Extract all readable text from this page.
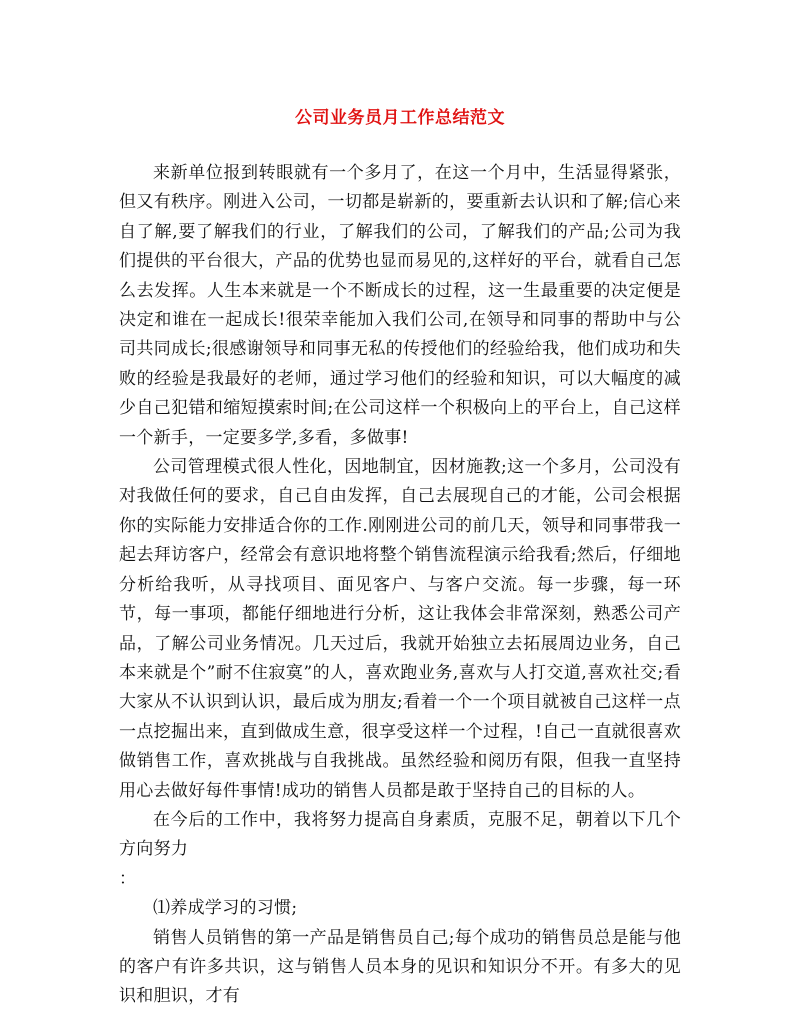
公司业务员月工作总结范文

来新单位报到转眼就有一个多月了，在这一个月中，生活显得紧张，但又有秩序。刚进入公司，一切都是崭新的，要重新去认识和了解;信心来自了解,要了解我们的行业，了解我们的公司，了解我们的产品;公司为我们提供的平台很大，产品的优势也显而易见的,这样好的平台，就看自己怎么去发挥。人生本来就是一个不断成长的过程，这一生最重要的决定便是决定和谁在一起成长!很荣幸能加入我们公司,在领导和同事的帮助中与公司共同成长;很感谢领导和同事无私的传授他们的经验给我，他们成功和失败的经验是我最好的老师，通过学习他们的经验和知识，可以大幅度的减少自己犯错和缩短摸索时间;在公司这样一个积极向上的平台上，自己这样一个新手，一定要多学,多看，多做事!

公司管理模式很人性化，因地制宜，因材施教;这一个多月，公司没有对我做任何的要求，自己自由发挥，自己去展现自己的才能，公司会根据你的实际能力安排适合你的工作.刚刚进公司的前几天，领导和同事带我一起去拜访客户，经常会有意识地将整个销售流程演示给我看;然后，仔细地分析给我听，从寻找项目、面见客户、与客户交流。每一步骤，每一环节，每一事项，都能仔细地进行分析，这让我体会非常深刻，熟悉公司产品，了解公司业务情况。几天过后，我就开始独立去拓展周边业务，自己本来就是个”耐不住寂寞”的人，喜欢跑业务,喜欢与人打交道,喜欢社交;看大家从不认识到认识，最后成为朋友;看着一个一个项目就被自己这样一点一点挖掘出来，直到做成生意，很享受这样一个过程，!自己一直就很喜欢做销售工作，喜欢挑战与自我挑战。虽然经验和阅历有限，但我一直坚持用心去做好每件事情!成功的销售人员都是敢于坚持自己的目标的人。

在今后的工作中，我将努力提高自身素质，克服不足，朝着以下几个方向努力

：

⑴养成学习的习惯;

销售人员销售的第一产品是销售员自己;每个成功的销售员总是能与他的客户有许多共识，这与销售人员本身的见识和知识分不开。有多大的见识和胆识，才有
